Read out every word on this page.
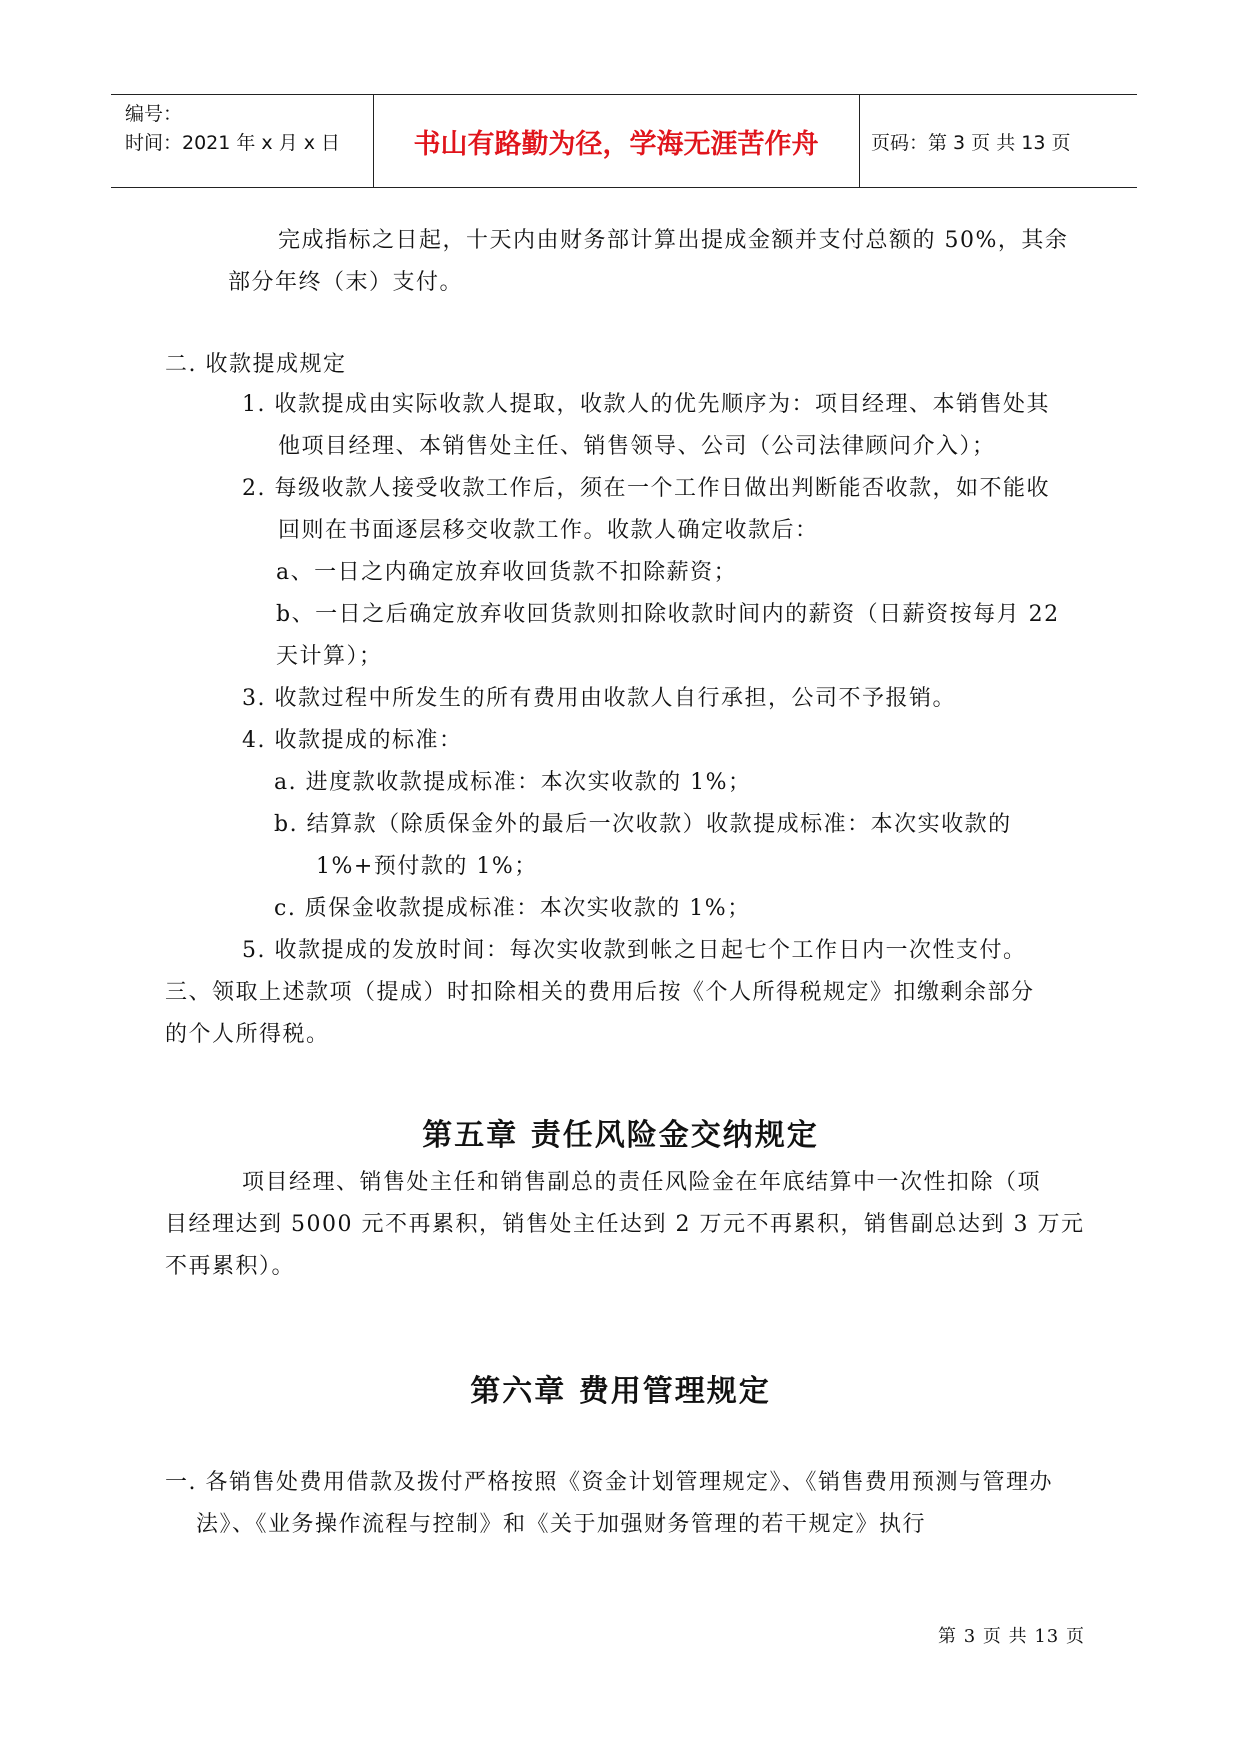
编号：
时间：2021 年 x 月 x 日	书山有路勤为径，学海无涯苦作舟	页码：第 3 页 共 13 页
完成指标之日起，十天内由财务部计算出提成金额并支付总额的 50%，其余
部分年终（末）支付。
二. 收款提成规定
1. 收款提成由实际收款人提取，收款人的优先顺序为：项目经理、本销售处其
他项目经理、本销售处主任、销售领导、公司（公司法律顾问介入）；
2. 每级收款人接受收款工作后，须在一个工作日做出判断能否收款，如不能收
回则在书面逐层移交收款工作。收款人确定收款后：
a、一日之内确定放弃收回货款不扣除薪资；
b、一日之后确定放弃收回货款则扣除收款时间内的薪资（日薪资按每月 22
天计算）；
3. 收款过程中所发生的所有费用由收款人自行承担，公司不予报销。
4. 收款提成的标准：
a. 进度款收款提成标准：本次实收款的 1%；
b. 结算款（除质保金外的最后一次收款）收款提成标准：本次实收款的
1%+预付款的 1%；
c. 质保金收款提成标准：本次实收款的 1%；
5. 收款提成的发放时间：每次实收款到帐之日起七个工作日内一次性支付。
三、领取上述款项（提成）时扣除相关的费用后按《个人所得税规定》扣缴剩余部分
的个人所得税。
第五章 责任风险金交纳规定
项目经理、销售处主任和销售副总的责任风险金在年底结算中一次性扣除（项
目经理达到 5000 元不再累积，销售处主任达到 2 万元不再累积，销售副总达到 3 万元
不再累积）。
第六章 费用管理规定
一. 各销售处费用借款及拨付严格按照《资金计划管理规定》、《销售费用预测与管理办
法》、《业务操作流程与控制》和《关于加强财务管理的若干规定》执行
第 3 页 共 13 页
